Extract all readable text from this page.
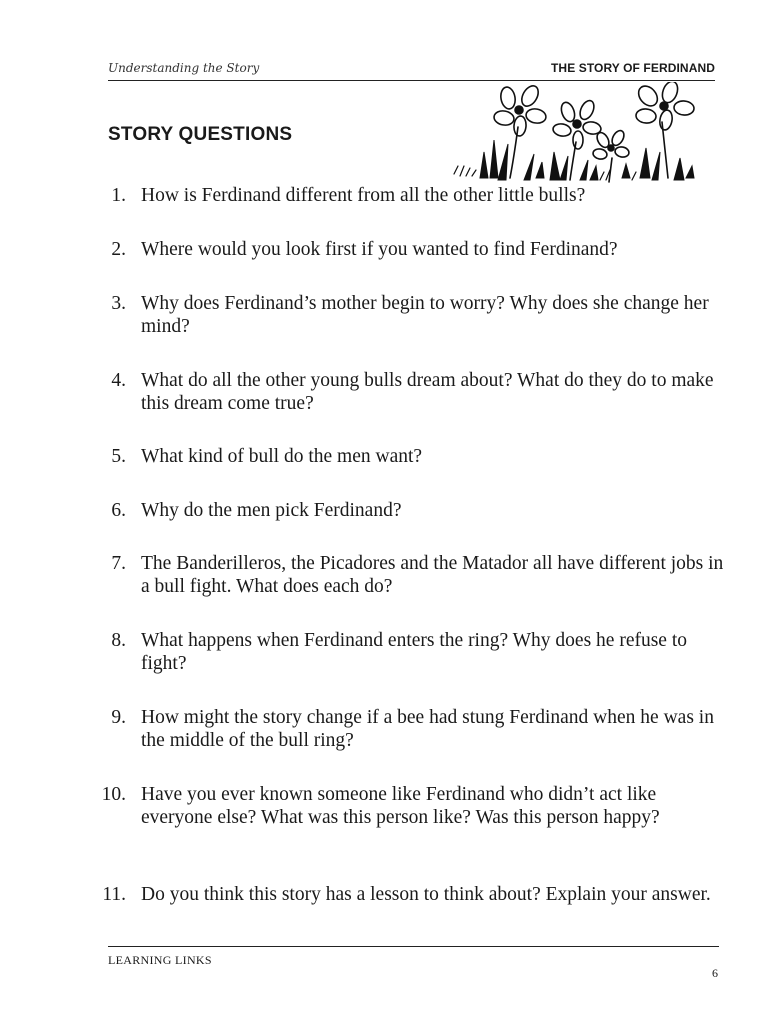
Understanding the Story	THE STORY OF FERDINAND
STORY QUESTIONS
1. How is Ferdinand different from all the other little bulls?
2. Where would you look first if you wanted to find Ferdinand?
3. Why does Ferdinand’s mother begin to worry? Why does she change her mind?
4. What do all the other young bulls dream about? What do they do to make this dream come true?
5. What kind of bull do the men want?
6. Why do the men pick Ferdinand?
7. The Banderilleros, the Picadores and the Matador all have different jobs in a bull fight. What does each do?
8. What happens when Ferdinand enters the ring? Why does he refuse to fight?
9. How might the story change if a bee had stung Ferdinand when he was in the middle of the bull ring?
10. Have you ever known someone like Ferdinand who didn’t act like everyone else? What was this person like? Was this person happy?
11. Do you think this story has a lesson to think about? Explain your answer.
LEARNING LINKS
6
